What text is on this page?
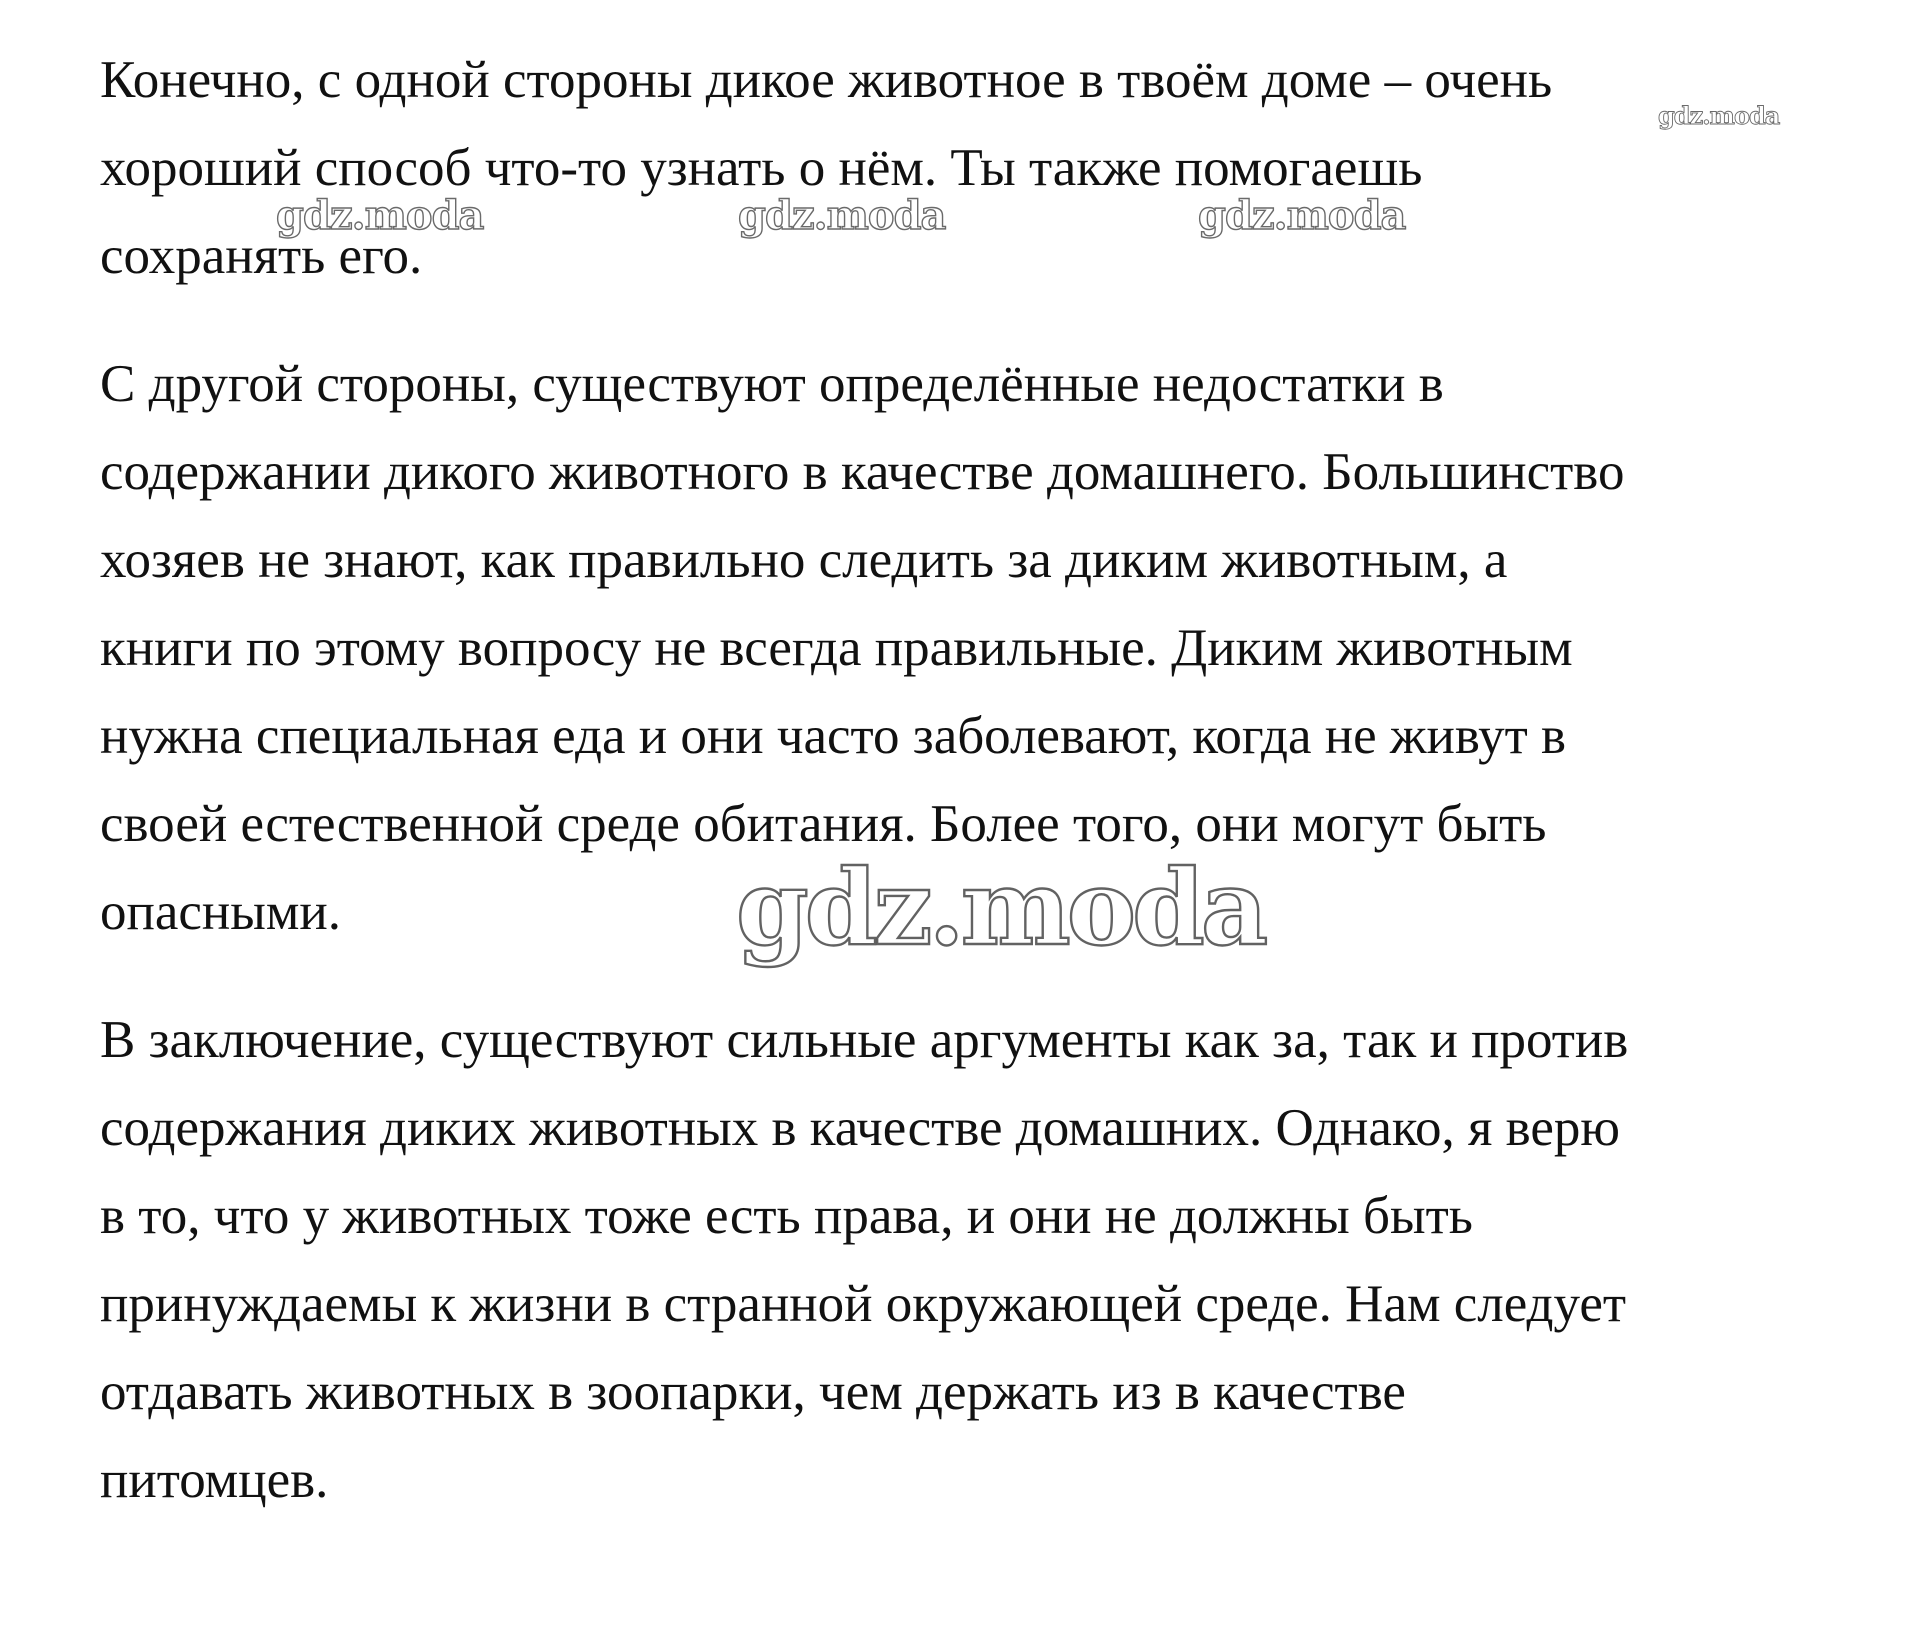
Конечно, с одной стороны дикое животное в твоём доме – очень
хороший способ что-то узнать о нём. Ты также помогаешь
сохранять его.

С другой стороны, существуют определённые недостатки в
содержании дикого животного в качестве домашнего. Большинство
хозяев не знают, как правильно следить за диким животным, а
книги по этому вопросу не всегда правильные. Диким животным
нужна специальная еда и они часто заболевают, когда не живут в
своей естественной среде обитания. Более того, они могут быть
опасными.

В заключение, существуют сильные аргументы как за, так и против
содержания диких животных в качестве домашних. Однако, я верю
в то, что у животных тоже есть права, и они не должны быть
принуждаемы к жизни в странной окружающей среде. Нам следует
отдавать животных в зоопарки, чем держать из в качестве
питомцев.

gdz.moda
gdz.moda	gdz.moda	gdz.moda
gdz.moda
